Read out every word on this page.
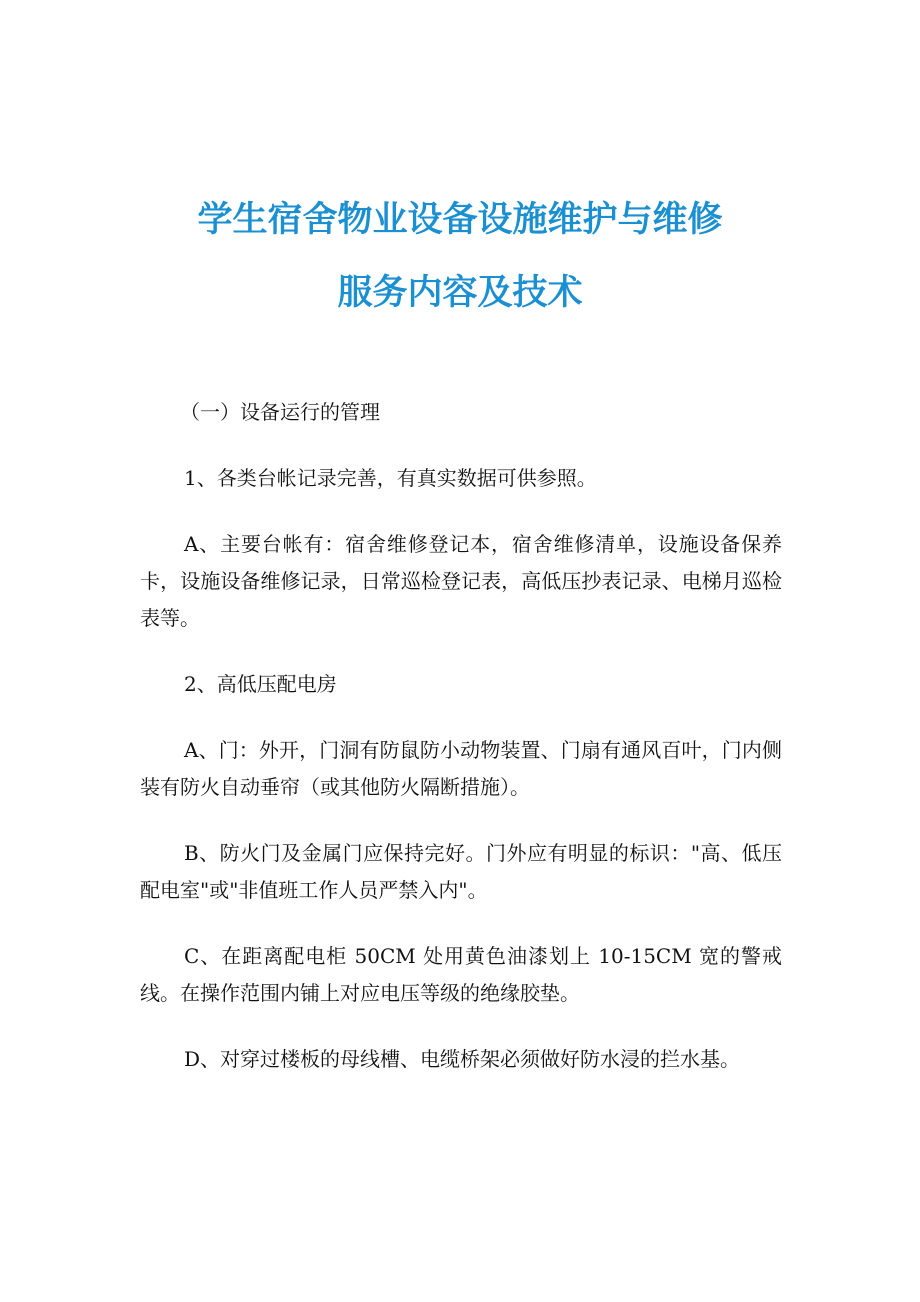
学生宿舍物业设备设施维护与维修
服务内容及技术

（一）设备运行的管理

1、各类台帐记录完善，有真实数据可供参照。

A、主要台帐有：宿舍维修登记本，宿舍维修清单，设施设备保养卡，设施设备维修记录，日常巡检登记表，高低压抄表记录、电梯月巡检表等。

2、高低压配电房

A、门：外开，门洞有防鼠防小动物装置、门扇有通风百叶，门内侧装有防火自动垂帘（或其他防火隔断措施）。

B、防火门及金属门应保持完好。门外应有明显的标识："高、低压配电室"或"非值班工作人员严禁入内"。

C、在距离配电柜 50CM 处用黄色油漆划上 10-15CM 宽的警戒线。在操作范围内铺上对应电压等级的绝缘胶垫。

D、对穿过楼板的母线槽、电缆桥架必须做好防水浸的拦水基。
